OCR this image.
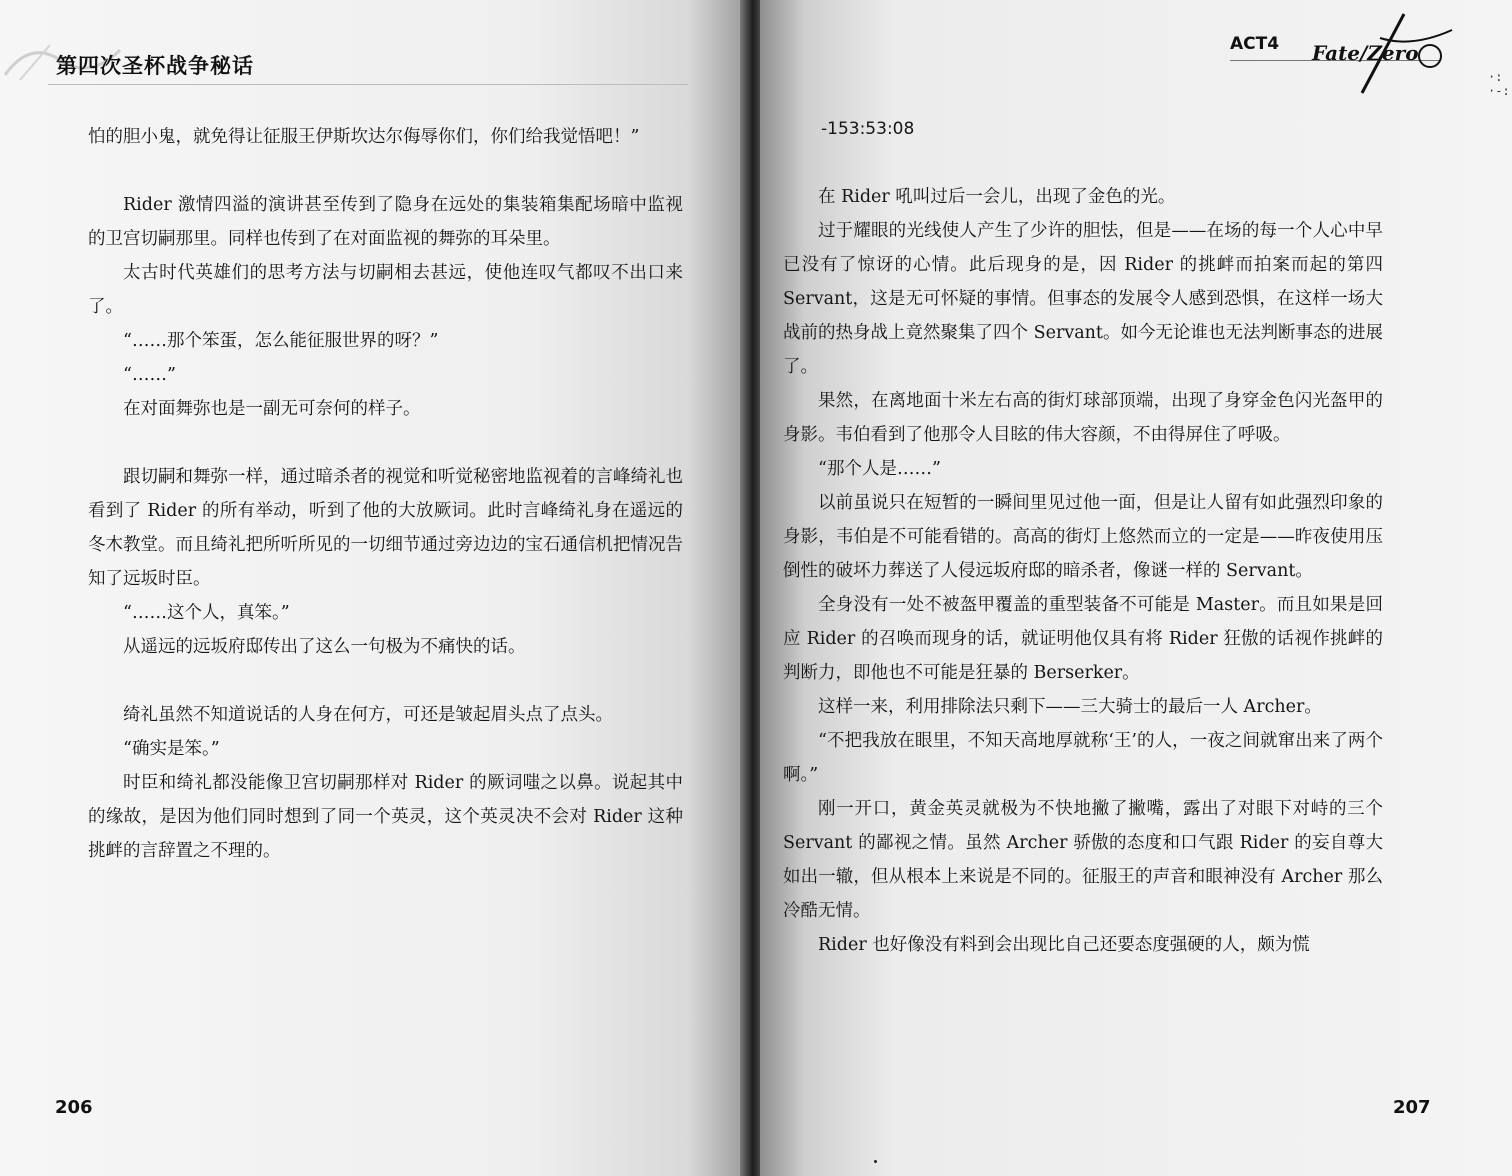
第四次圣杯战争秘话

怕的胆小鬼，就免得让征服王伊斯坎达尔侮辱你们，你们给我觉悟吧！”

Rider 激情四溢的演讲甚至传到了隐身在远处的集装箱集配场暗中监视的卫宫切嗣那里。同样也传到了在对面监视的舞弥的耳朵里。

太古时代英雄们的思考方法与切嗣相去甚远，使他连叹气都叹不出口来了。

“……那个笨蛋，怎么能征服世界的呀？”

“……”

在对面舞弥也是一副无可奈何的样子。

跟切嗣和舞弥一样，通过暗杀者的视觉和听觉秘密地监视着的言峰绮礼也看到了 Rider 的所有举动，听到了他的大放厥词。此时言峰绮礼身在遥远的冬木教堂。而且绮礼把所听所见的一切细节通过旁边边的宝石通信机把情况告知了远坂时臣。

“……这个人，真笨。”

从遥远的远坂府邸传出了这么一句极为不痛快的话。

绮礼虽然不知道说话的人身在何方，可还是皱起眉头点了点头。

“确实是笨。”

时臣和绮礼都没能像卫宫切嗣那样对 Rider 的厥词嗤之以鼻。说起其中的缘故，是因为他们同时想到了同一个英灵，这个英灵决不会对 Rider 这种挑衅的言辞置之不理的。

206
ACT4 Fate/Zero

-153:53:08

在 Rider 吼叫过后一会儿，出现了金色的光。

过于耀眼的光线使人产生了少许的胆怯，但是——在场的每一个人心中早已没有了惊讶的心情。此后现身的是，因 Rider 的挑衅而拍案而起的第四 Servant，这是无可怀疑的事情。但事态的发展令人感到恐惧，在这样一场大战前的热身战上竟然聚集了四个 Servant。如今无论谁也无法判断事态的进展了。

果然，在离地面十米左右高的街灯球部顶端，出现了身穿金色闪光盔甲的身影。韦伯看到了他那令人目眩的伟大容颜，不由得屏住了呼吸。

“那个人是……”

以前虽说只在短暂的一瞬间里见过他一面，但是让人留有如此强烈印象的身影，韦伯是不可能看错的。高高的街灯上悠然而立的一定是——昨夜使用压倒性的破坏力葬送了人侵远坂府邸的暗杀者，像谜一样的 Servant。

全身没有一处不被盔甲覆盖的重型装备不可能是 Master。而且如果是回应 Rider 的召唤而现身的话，就证明他仅具有将 Rider 狂傲的话视作挑衅的判断力，即他也不可能是狂暴的 Berserker。

这样一来，利用排除法只剩下——三大骑士的最后一人 Archer。

“不把我放在眼里，不知天高地厚就称‘王’的人，一夜之间就窜出来了两个啊。”

刚一开口，黄金英灵就极为不快地撇了撇嘴，露出了对眼下对峙的三个 Servant 的鄙视之情。虽然 Archer 骄傲的态度和口气跟 Rider 的妄自尊大如出一辙，但从根本上来说是不同的。征服王的声音和眼神没有 Archer 那么冷酷无情。

Rider 也好像没有料到会出现比自己还要态度强硬的人，颇为慌

207
·:
·-:
